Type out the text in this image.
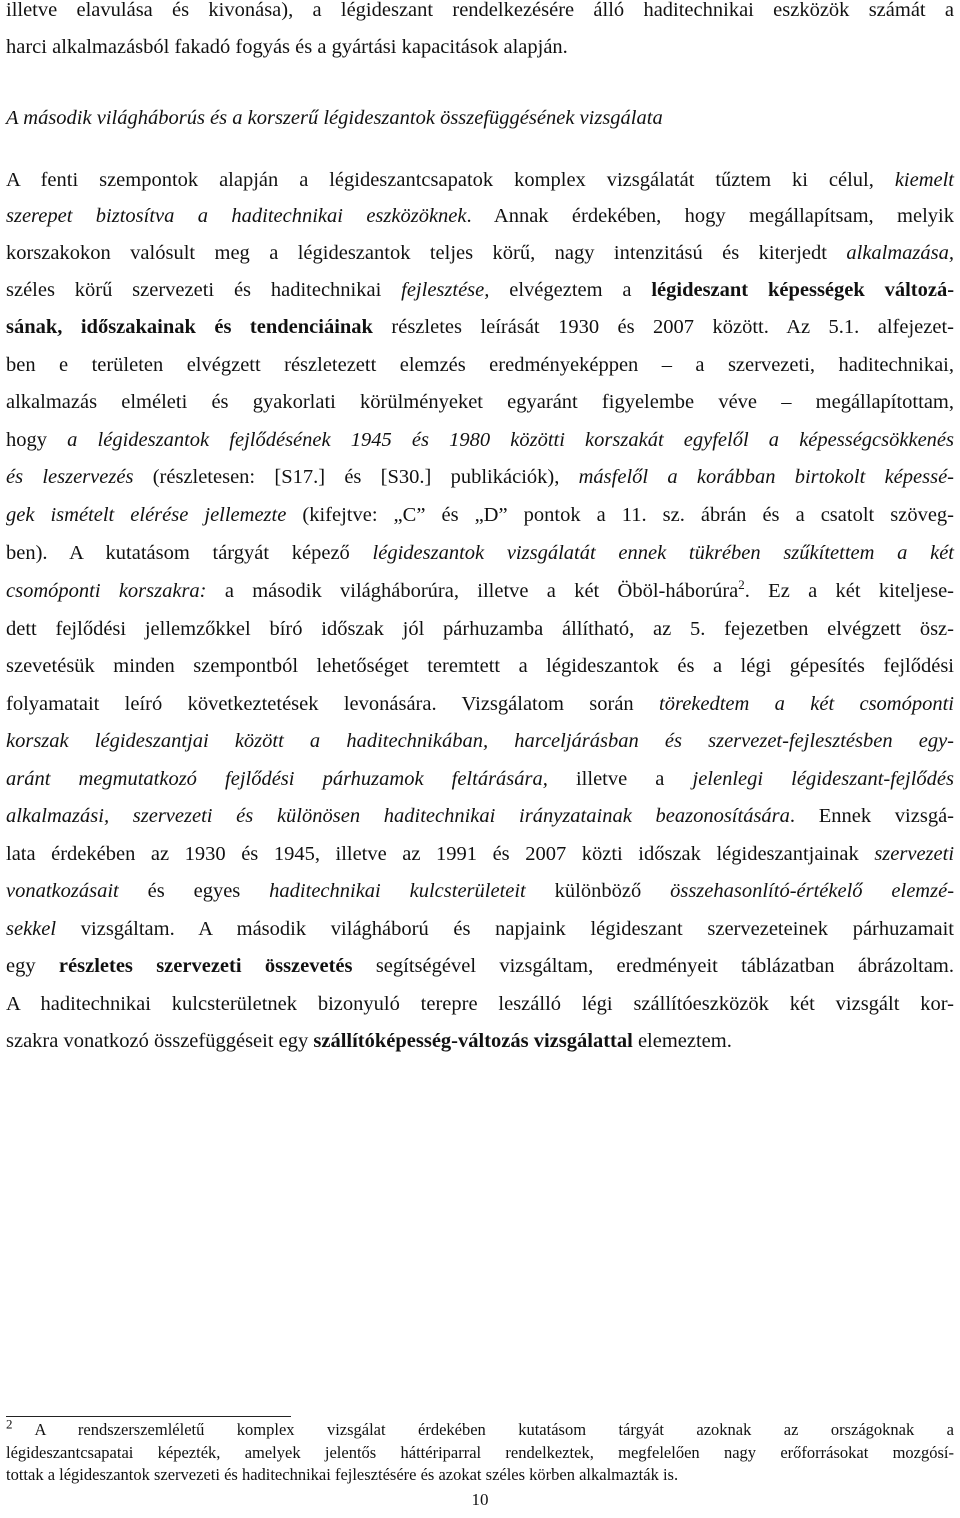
illetve elavulása és kivonása), a légideszant rendelkezésére álló haditechnikai eszközök számát a
harci alkalmazásból fakadó fogyás és a gyártási kapacitások alapján.
A második világháborús és a korszerű légideszantok összefüggésének vizsgálata
A fenti szempontok alapján a légideszantcsapatok komplex vizsgálatát tűztem ki célul, kiemelt
szerepet biztosítva a haditechnikai eszközöknek. Annak érdekében, hogy megállapítsam, melyik
korszakokon valósult meg a légideszantok teljes körű, nagy intenzitású és kiterjedt alkalmazása,
széles körű szervezeti és haditechnikai fejlesztése, elvégeztem a légideszant képességek változá-
sának, időszakainak és tendenciáinak részletes leírását 1930 és 2007 között. Az 5.1. alfejezet-
ben e területen elvégzett részletezett elemzés eredményeképpen – a szervezeti, haditechnikai,
alkalmazás elméleti és gyakorlati körülményeket egyaránt figyelembe véve – megállapítottam,
hogy a légideszantok fejlődésének 1945 és 1980 közötti korszakát egyfelől a képességcsökkenés
és leszervezés (részletesen: [S17.] és [S30.] publikációk), másfelől a korábban birtokolt képessé-
gek ismételt elérése jellemezte (kifejtve: „C” és „D” pontok a 11. sz. ábrán és a csatolt szöveg-
ben). A kutatásom tárgyát képező légideszantok vizsgálatát ennek tükrében szűkítettem a két
csomóponti korszakra: a második világháborúra, illetve a két Öböl-háborúra$^2$. Ez a két kiteljese-
dett fejlődési jellemzőkkel bíró időszak jól párhuzamba állítható, az 5. fejezetben elvégzett ösz-
szevetésük minden szempontból lehetőséget teremtett a légideszantok és a légi gépesítés fejlődési
folyamatait leíró következtetések levonására. Vizsgálatom során törekedtem a két csomóponti
korszak légideszantjai között a haditechnikában, harceljárásban és szervezet-fejlesztésben egy-
aránt megmutatkozó fejlődési párhuzamok feltárására, illetve a jelenlegi légideszant-fejlődés
alkalmazási, szervezeti és különösen haditechnikai irányzatainak beazonosítására. Ennek vizsgá-
lata érdekében az 1930 és 1945, illetve az 1991 és 2007 közti időszak légideszantjainak szervezeti
vonatkozásait és egyes haditechnikai kulcsterületeit különböző összehasonlító-értékelő elemzé-
sekkel vizsgáltam. A második világháború és napjaink légideszant szervezeteinek párhuzamait
egy részletes szervezeti összevetés segítségével vizsgáltam, eredményeit táblázatban ábrázoltam.
A haditechnikai kulcsterületnek bizonyuló terepre leszálló légi szállítóeszközök két vizsgált kor-
szakra vonatkozó összefüggéseit egy szállítóképesség-változás vizsgálattal elemeztem.
$^2$ A rendszerszemléletű komplex vizsgálat érdekében kutatásom tárgyát azoknak az országoknak a
légideszantcsapatai képezték, amelyek jelentős háttériparral rendelkeztek, megfelelően nagy erőforrásokat mozgósí-
tottak a légideszantok szervezeti és haditechnikai fejlesztésére és azokat széles körben alkalmazták is.
10
